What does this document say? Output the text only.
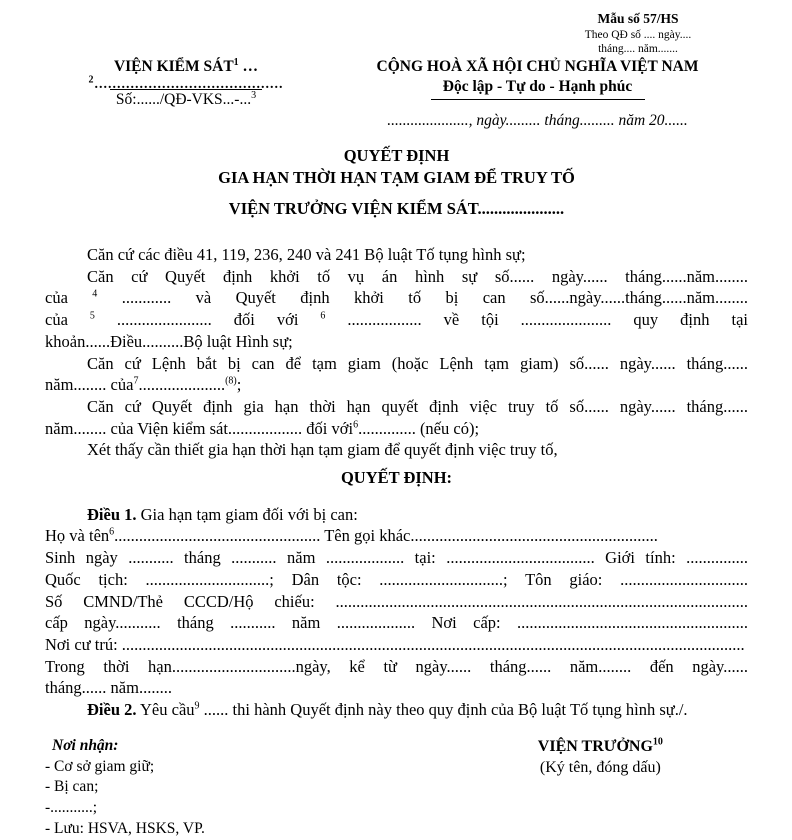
Mẫu số 57/HS
Theo QĐ số .... ngày....
tháng.... năm.......
VIỆN KIỂM SÁT$^1$ …
$^2$..........................................
Số:....../QĐ-VKS...-...$^3$
CỘNG HOÀ XÃ HỘI CHỦ NGHĨA VIỆT NAM
Độc lập - Tự do - Hạnh phúc
....................., ngày......... tháng......... năm 20......
QUYẾT ĐỊNH
GIA HẠN THỜI HẠN TẠM GIAM ĐỂ TRUY TỐ
VIỆN TRƯỞNG VIỆN KIỂM SÁT.....................
Căn cứ các điều 41, 119, 236, 240 và 241 Bộ luật Tố tụng hình sự;
Căn cứ Quyết định khởi tố vụ án hình sự số...... ngày...... tháng......năm........
của $^4$ ............ và Quyết định khởi tố bị can số......ngày......tháng......năm........
của $^5$ ....................... đối với $^6$ .................. về tội ...................... quy định tại
khoản......Điều..........Bộ luật Hình sự;
Căn cứ Lệnh bắt bị can để tạm giam (hoặc Lệnh tạm giam) số...... ngày...... tháng......
năm........ của$^7$.....................$^{(8)}$;
Căn cứ Quyết định gia hạn thời hạn quyết định việc truy tố số...... ngày...... tháng......
năm........ của Viện kiểm sát.................. đối với$^6$.............. (nếu có);
Xét thấy cần thiết gia hạn thời hạn tạm giam để quyết định việc truy tố,
QUYẾT ĐỊNH:
Điều 1. Gia hạn tạm giam đối với bị can:
Họ và tên$^6$.................................................. Tên gọi khác............................................................
Sinh ngày ........... tháng ........... năm ................... tại: .................................... Giới tính: ...............
Quốc tịch: ..............................; Dân tộc: ..............................; Tôn giáo: ...............................
Số CMND/Thẻ CCCD/Hộ chiếu: ....................................................................................................
cấp ngày........... tháng ........... năm ................... Nơi cấp: ........................................................
Nơi cư trú: .......................................................................................................................................................
Trong thời hạn..............................ngày, kể từ ngày...... tháng...... năm........ đến ngày......
tháng...... năm........
Điều 2. Yêu cầu$^9$ ...... thi hành Quyết định này theo quy định của Bộ luật Tố tụng hình sự./.
Nơi nhận:
- Cơ sở giam giữ;
- Bị can;
-...........;
- Lưu: HSVA, HSKS, VP.
VIỆN TRƯỞNG$^{10}$
(Ký tên, đóng dấu)
